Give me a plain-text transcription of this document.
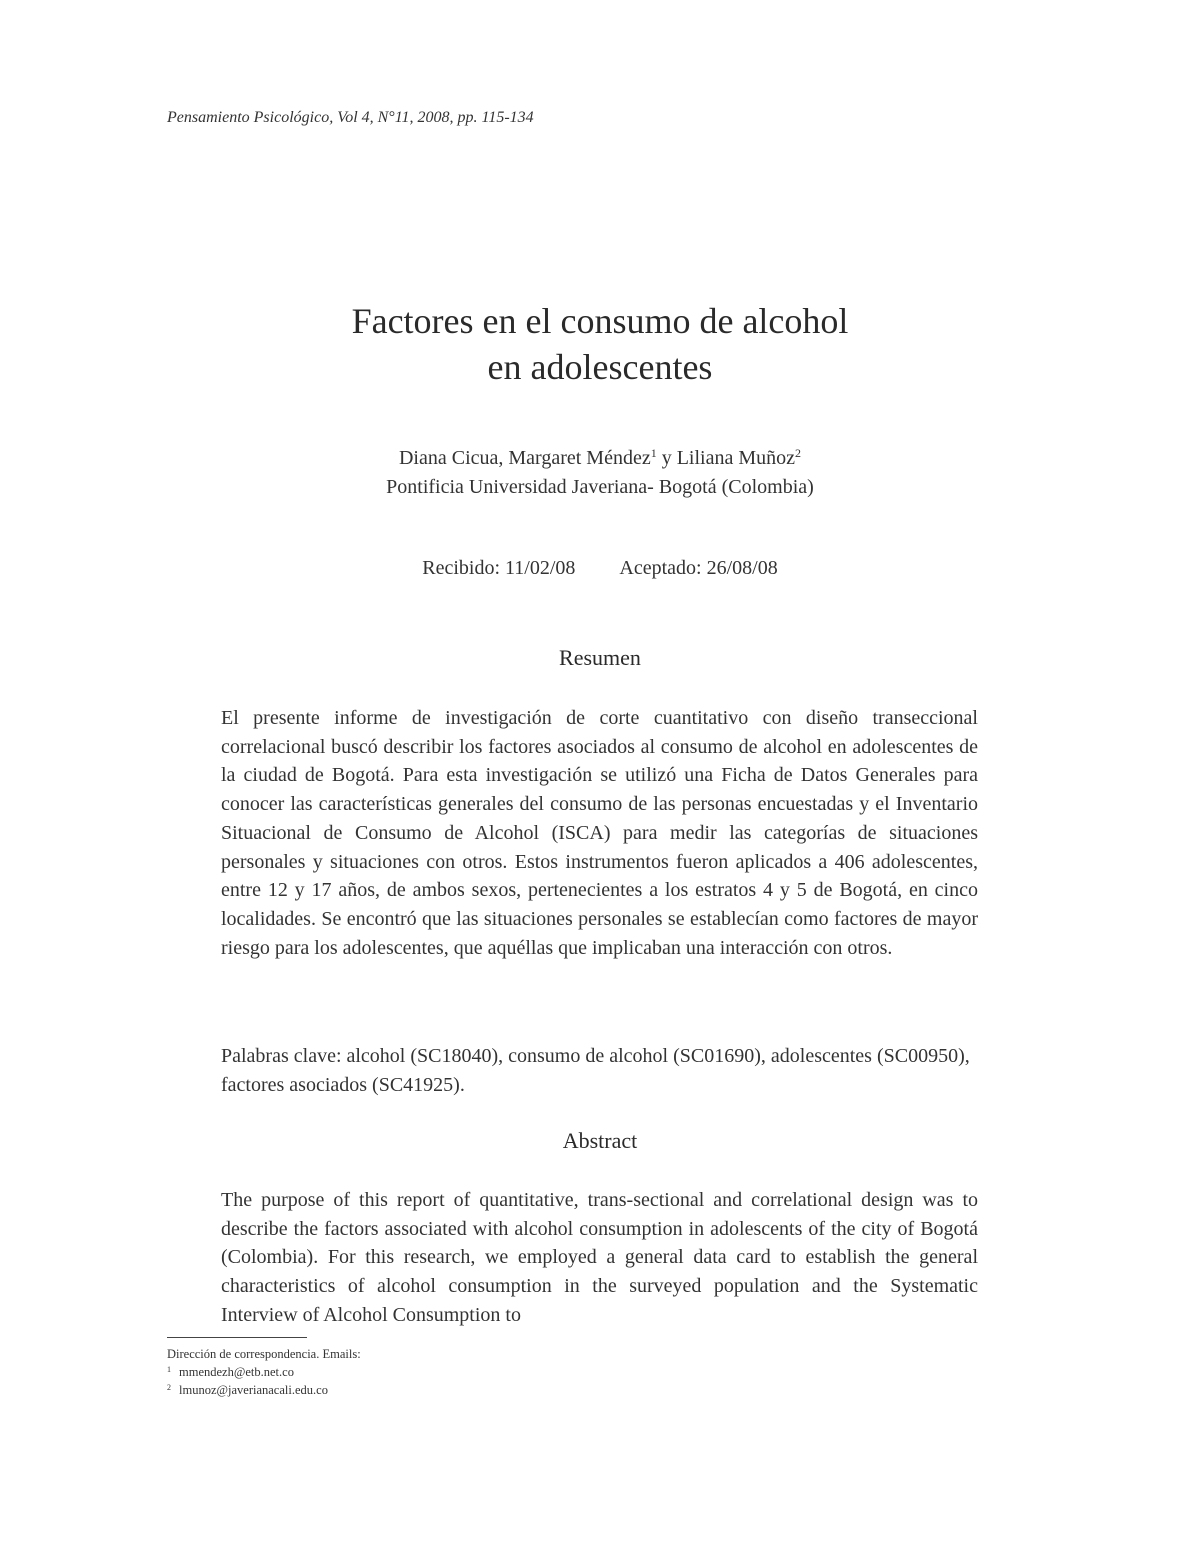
Pensamiento Psicológico, Vol 4, N°11, 2008, pp. 115-134
Factores en el consumo de alcohol
en adolescentes
Diana Cicua, Margaret Méndez$^1$ y Liliana Muñoz$^2$
Pontificia Universidad Javeriana- Bogotá (Colombia)
Recibido: 11/02/08 Aceptado: 26/08/08
Resumen
El presente informe de investigación de corte cuantitativo con diseño transeccional correlacional buscó describir los factores asociados al consumo de alcohol en adolescentes de la ciudad de Bogotá. Para esta investigación se utilizó una Ficha de Datos Generales para conocer las características generales del consumo de las personas encuestadas y el Inventario Situacional de Consumo de Alcohol (ISCA) para medir las categorías de situaciones personales y situaciones con otros. Estos instrumentos fueron aplicados a 406 adolescentes, entre 12 y 17 años, de ambos sexos, pertenecientes a los estratos 4 y 5 de Bogotá, en cinco localidades. Se encontró que las situaciones personales se establecían como factores de mayor riesgo para los adolescentes, que aquéllas que implicaban una interacción con otros.
Palabras clave: alcohol (SC18040), consumo de alcohol (SC01690), adolescentes (SC00950), factores asociados (SC41925).
Abstract
The purpose of this report of quantitative, trans-sectional and correlational design was to describe the factors associated with alcohol consumption in adolescents of the city of Bogotá (Colombia). For this research, we employed a general data card to establish the general characteristics of alcohol consumption in the surveyed population and the Systematic Interview of Alcohol Consumption to
Dirección de correspondencia. Emails:
$^1$ mmendezh@etb.net.co
$^2$ lmunoz@javerianacali.edu.co
